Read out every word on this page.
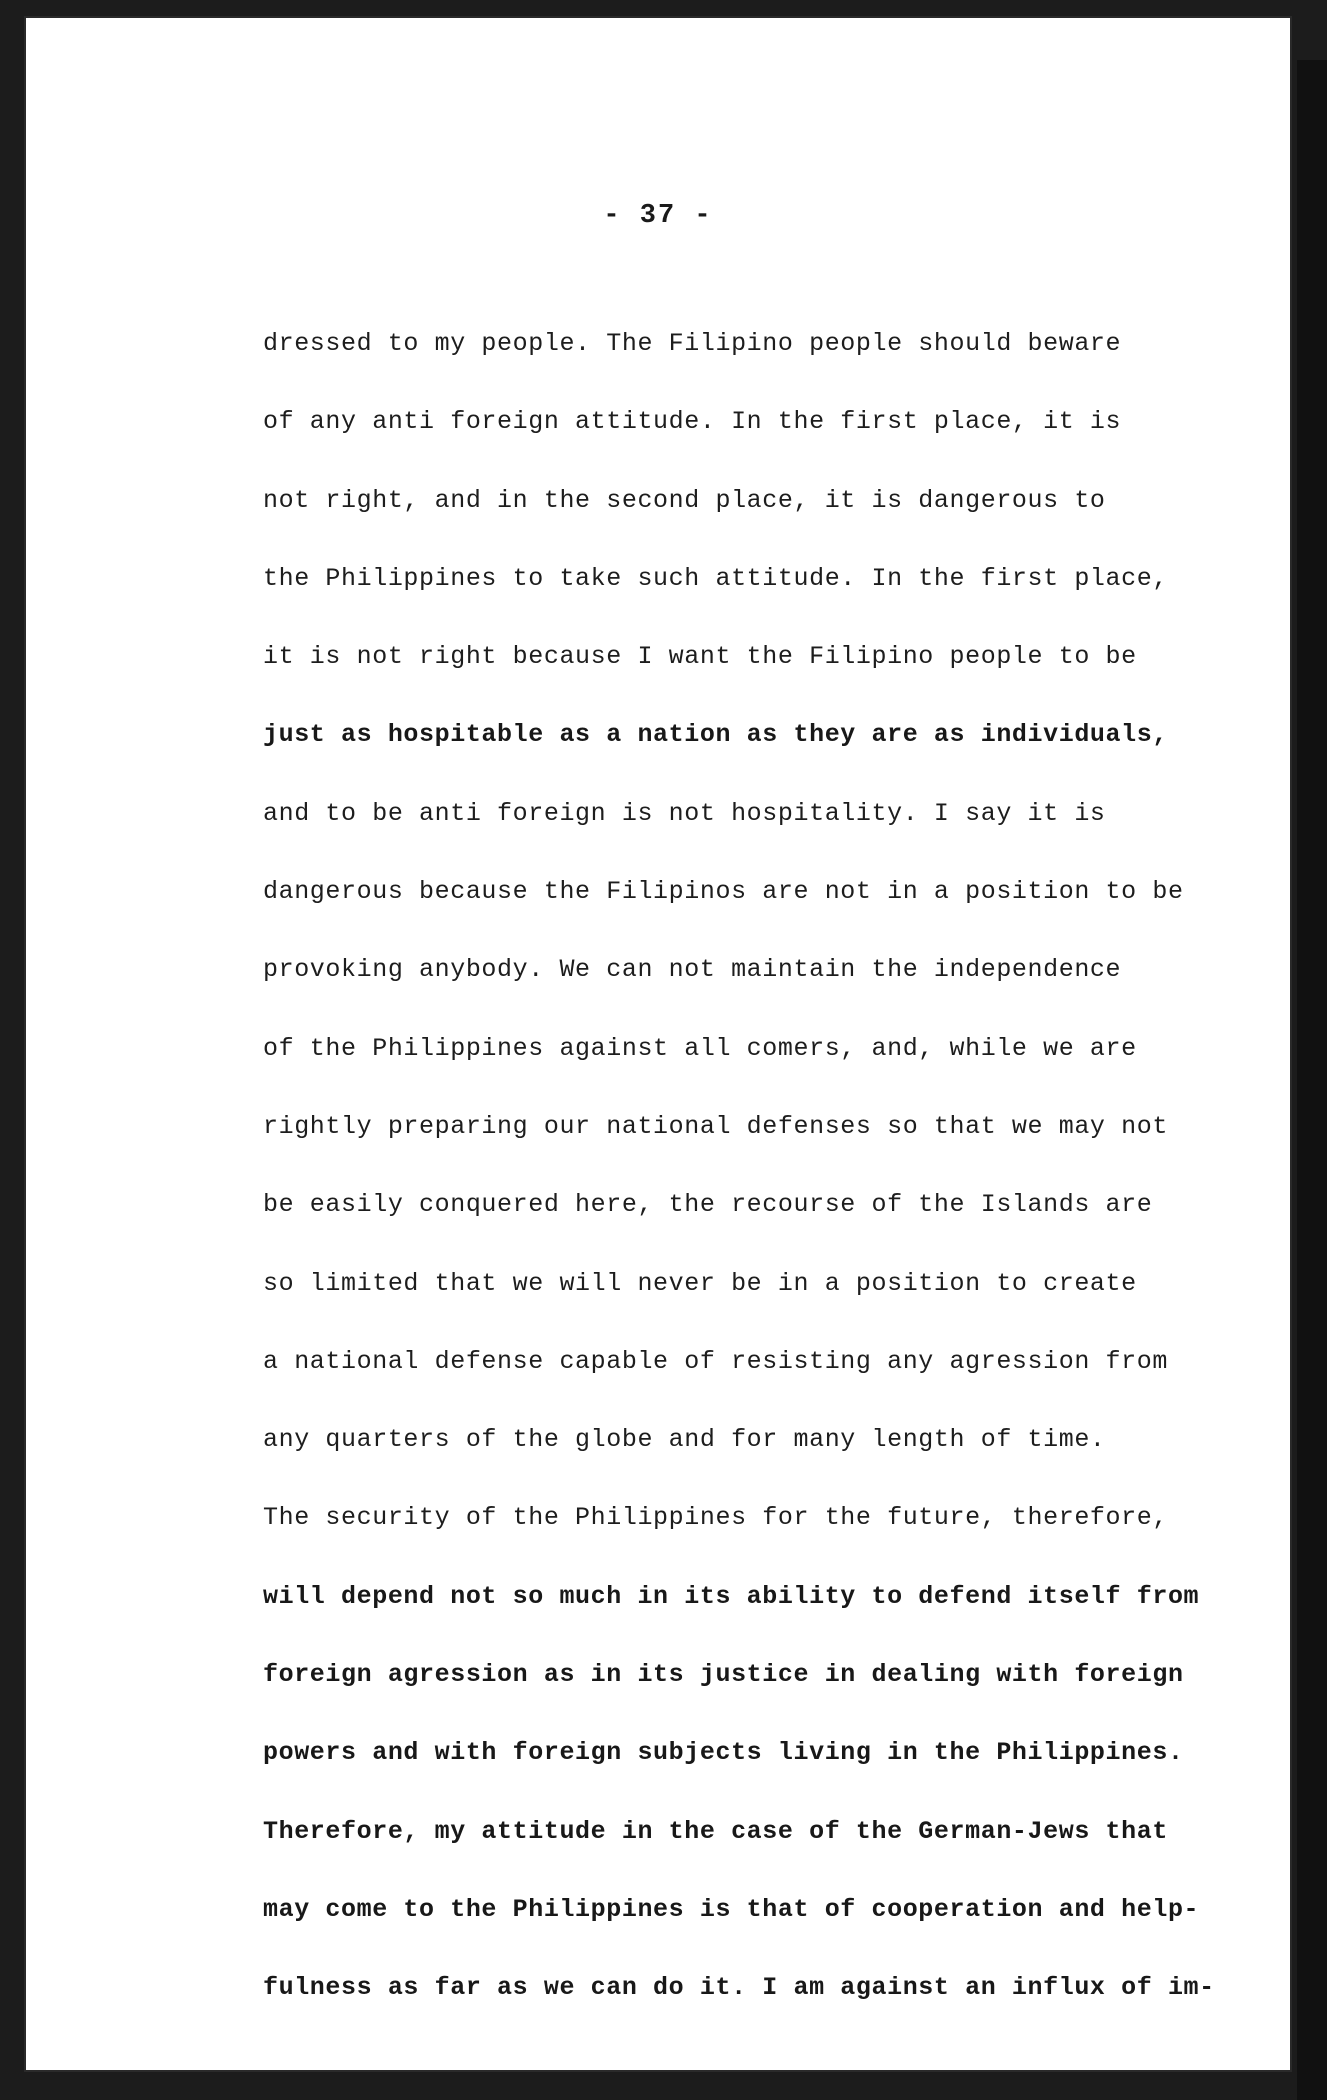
- 37 -
dressed to my people. The Filipino people should beware
of any anti foreign attitude. In the first place, it is
not right, and in the second place, it is dangerous to
the Philippines to take such attitude. In the first place,
it is not right because I want the Filipino people to be
just as hospitable as a nation as they are as individuals,
and to be anti foreign is not hospitality. I say it is
dangerous because the Filipinos are not in a position to be
provoking anybody. We can not maintain the independence
of the Philippines against all comers, and, while we are
rightly preparing our national defenses so that we may not
be easily conquered here, the recourse of the Islands are
so limited that we will never be in a position to create
a national defense capable of resisting any agression from
any quarters of the globe and for many length of time.
The security of the Philippines for the future, therefore,
will depend not so much in its ability to defend itself from
foreign agression as in its justice in dealing with foreign
powers and with foreign subjects living in the Philippines.
Therefore, my attitude in the case of the German-Jews that
may come to the Philippines is that of cooperation and help-
fulness as far as we can do it. I am against an influx of im-
